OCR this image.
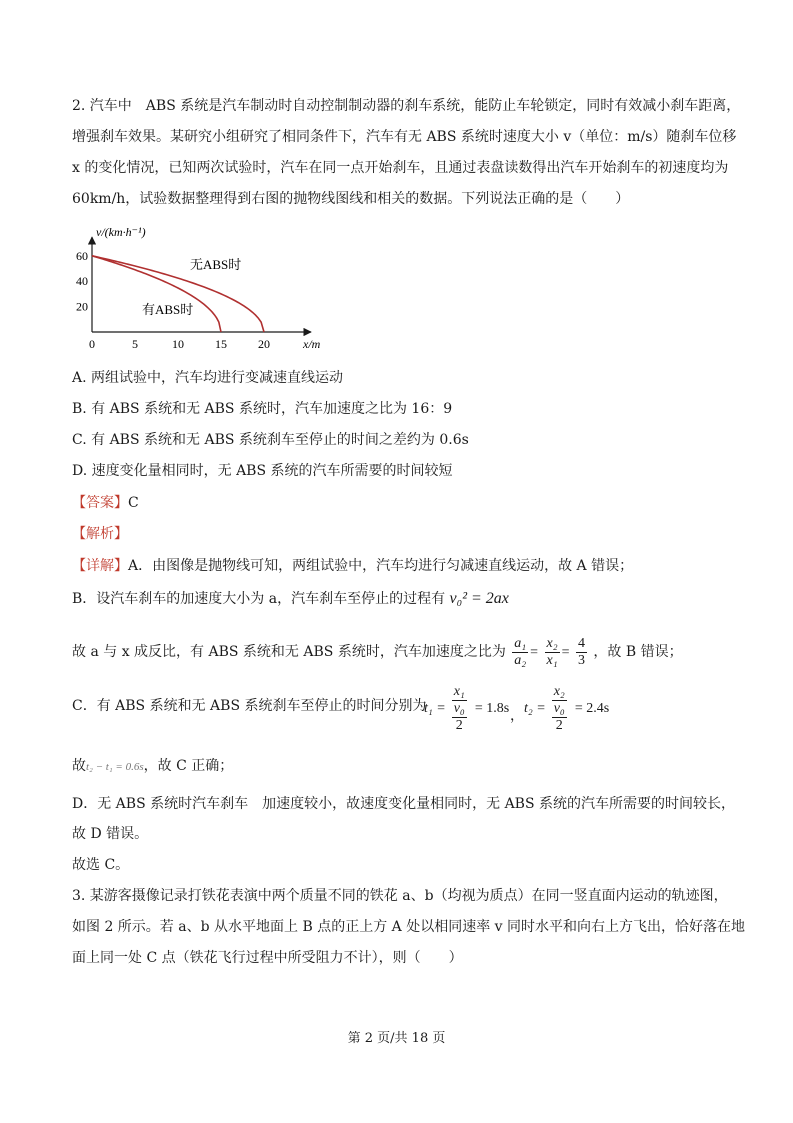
2. 汽车中　ABS 系统是汽车制动时自动控制制动器的刹车系统，能防止车轮锁定，同时有效减小刹车距离，
增强刹车效果。某研究小组研究了相同条件下，汽车有无 ABS 系统时速度大小 v（单位：m/s）随刹车位移
x 的变化情况，已知两次试验时，汽车在同一点开始刹车，且通过表盘读数得出汽车开始刹车的初速度均为
60km/h，试验数据整理得到右图的抛物线图线和相关的数据。下列说法正确的是（　　）
v/(km·h⁻¹)
x/m
0	5	10	15	20
20
40
60
无ABS时
有ABS时
A. 两组试验中，汽车均进行变减速直线运动
B. 有 ABS 系统和无 ABS 系统时，汽车加速度之比为 16：9
C. 有 ABS 系统和无 ABS 系统刹车至停止的时间之差约为 0.6s
D. 速度变化量相同时，无 ABS 系统的汽车所需要的时间较短
【答案】C
【解析】
【详解】A．由图像是抛物线可知，两组试验中，汽车均进行匀减速直线运动，故 A 错误；
B．设汽车刹车的加速度大小为 a，汽车刹车至停止的过程有 v₀² = 2ax
故 a 与 x 成反比，有 ABS 系统和无 ABS 系统时，汽车加速度之比为 $\frac{\text{a₁}}{\text{a₂}} = \frac{\text{x₂}}{\text{x₁}} = \frac{4}{3}$ ，故 B 错误；
C．有 ABS 系统和无 ABS 系统刹车至停止的时间分别为
t₁ = x₁
v₀
2 = 1.8s ， t₂ = x₂
v₀
2 = 2.4s
故t₂ − t₁ = 0.6s，故 C 正确；
D．无 ABS 系统时汽车刹车　加速度较小，故速度变化量相同时，无 ABS 系统的汽车所需要的时间较长，
故 D 错误。
故选 C。
3. 某游客摄像记录打铁花表演中两个质量不同的铁花 a、b（均视为质点）在同一竖直面内运动的轨迹图，
如图 2 所示。若 a、b 从水平地面上 B 点的正上方 A 处以相同速率 v 同时水平和向右上方飞出，恰好落在地
面上同一处 C 点（铁花飞行过程中所受阻力不计），则（　　）
第 2 页/共 18 页
